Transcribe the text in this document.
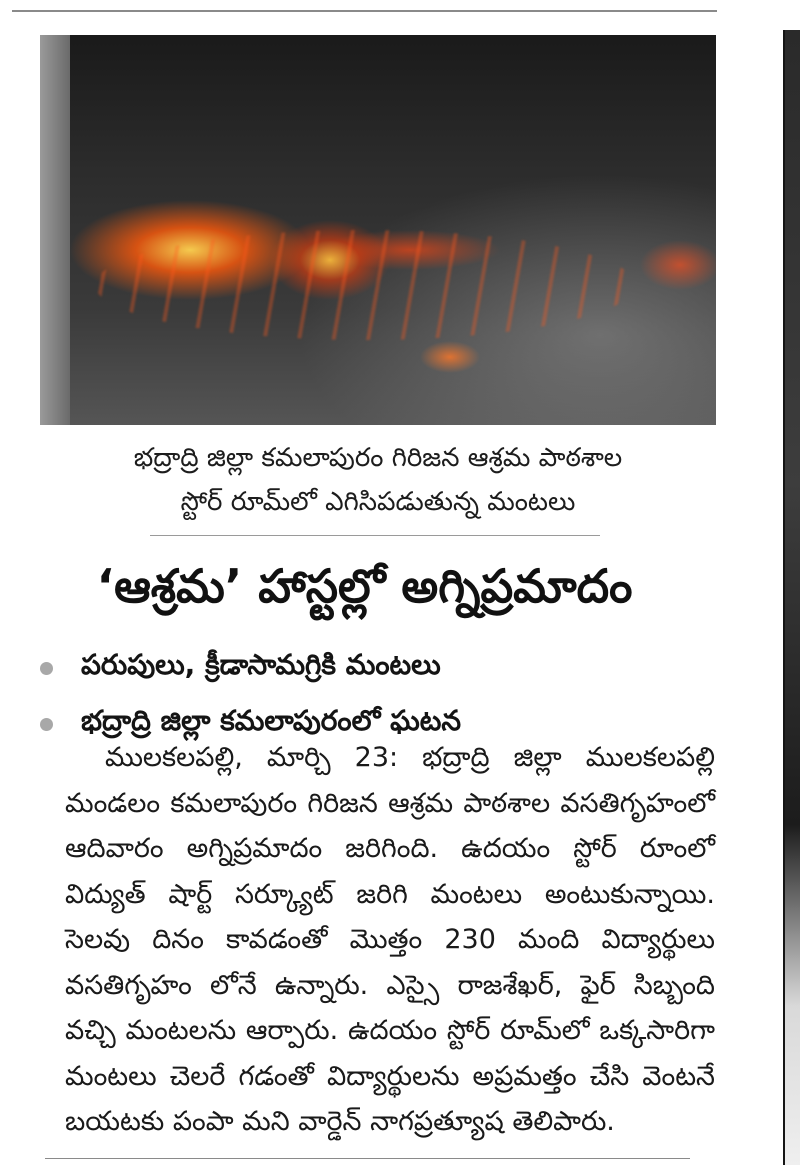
భద్రాద్రి జిల్లా కమలాపురం గిరిజన ఆశ్రమ పాఠశాల
స్టోర్ రూమ్‌లో ఎగిసిపడుతున్న మంటలు
‘ఆశ్రమ’ హాస్టల్లో అగ్నిప్రమాదం
పరుపులు, క్రీడాసామగ్రికి మంటలు
భద్రాద్రి జిల్లా కమలాపురంలో ఘటన
ములకలపల్లి, మార్చి 23: భద్రాద్రి జిల్లా ములకలపల్లి మండలం కమలాపురం గిరిజన ఆశ్రమ పాఠశాల వసతిగృహంలో ఆదివారం అగ్నిప్రమాదం జరిగింది. ఉదయం స్టోర్ రూంలో విద్యుత్ షార్ట్ సర్క్యూట్ జరిగి మంటలు అంటుకున్నాయి. సెలవు దినం కావడంతో మొత్తం 230 మంది విద్యార్థులు వసతిగృహం లోనే ఉన్నారు. ఎస్సై రాజశేఖర్, ఫైర్ సిబ్బంది వచ్చి మంటలను ఆర్పారు. ఉదయం స్టోర్ రూమ్‌లో ఒక్కసారిగా మంటలు చెలరే గడంతో విద్యార్థులను అప్రమత్తం చేసి వెంటనే బయటకు పంపా మని వార్డెన్ నాగప్రత్యూష తెలిపారు.
